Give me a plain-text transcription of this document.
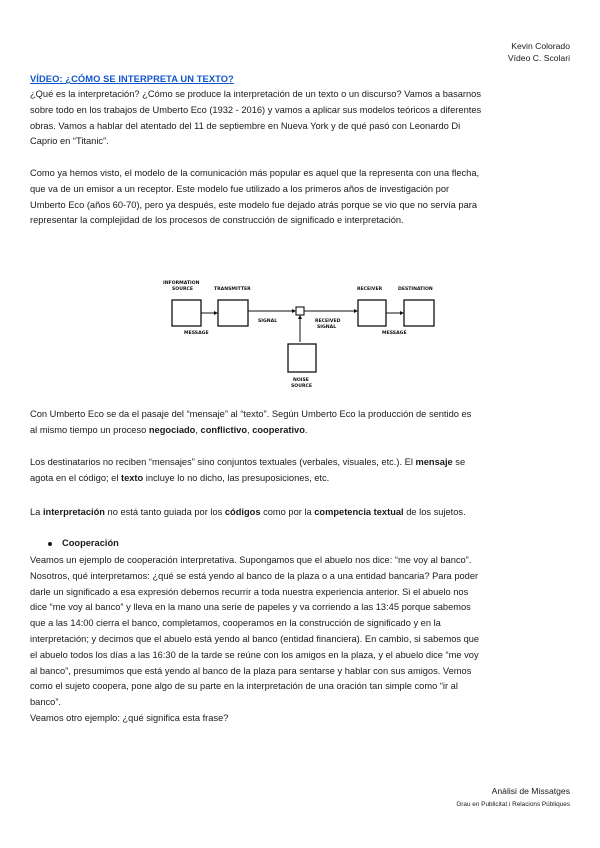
Kevin Colorado
Vídeo C. Scolari
VÍDEO: ¿CÓMO SE INTERPRETA UN TEXTO?
¿Qué es la interpretación? ¿Cómo se produce la interpretación de un texto o un discurso? Vamos a basarnos
sobre todo en los trabajos de Umberto Eco (1932 - 2016) y vamos a aplicar sus modelos teóricos a diferentes
obras. Vamos a hablar del atentado del 11 de septiembre en Nueva York y de qué pasó con Leonardo Di
Caprio en “Titanic”.
Como ya hemos visto, el modelo de la comunicación más popular es aquel que la representa con una flecha,
que va de un emisor a un receptor. Este modelo fue utilizado a los primeros años de investigación por
Umberto Eco (años 60-70), pero ya después, este modelo fue dejado atrás porque se vio que no servía para
representar la complejidad de los procesos de construcción de significado e interpretación.
INFORMATION
SOURCE	TRANSMITTER	RECEIVER	DESTINATION
MESSAGE
SIGNAL	RECEIVED
SIGNAL
MESSAGE
NOISE
SOURCE
Con Umberto Eco se da el pasaje del “mensaje” al “texto”. Según Umberto Eco la producción de sentido es
al mismo tiempo un proceso negociado, conflictivo, cooperativo.
Los destinatarios no reciben “mensajes” sino conjuntos textuales (verbales, visuales, etc.). El mensaje se
agota en el código; el texto incluye lo no dicho, las presuposiciones, etc.
La interpretación no está tanto guiada por los códigos como por la competencia textual de los sujetos.
Cooperación
Veamos un ejemplo de cooperación interpretativa. Supongamos que el abuelo nos dice: “me voy al banco”.
Nosotros, qué interpretamos: ¿qué se está yendo al banco de la plaza o a una entidad bancaria? Para poder
darle un significado a esa expresión debemos recurrir a toda nuestra experiencia anterior. Si el abuelo nos
dice “me voy al banco” y lleva en la mano una serie de papeles y va corriendo a las 13:45 porque sabemos
que a las 14:00 cierra el banco, completamos, cooperamos en la construcción de significado y en la
interpretación; y decimos que el abuelo está yendo al banco (entidad financiera). En cambio, si sabemos que
el abuelo todos los días a las 16:30 de la tarde se reúne con los amigos en la plaza, y el abuelo dice “me voy
al banco”, presumimos que está yendo al banco de la plaza para sentarse y hablar con sus amigos. Vemos
como el sujeto coopera, pone algo de su parte en la interpretación de una oración tan simple como “ir al
banco”.
Veamos otro ejemplo: ¿qué significa esta frase?
Anàlisi de Missatges
Grau en Publicitat i Relacions Públiques
